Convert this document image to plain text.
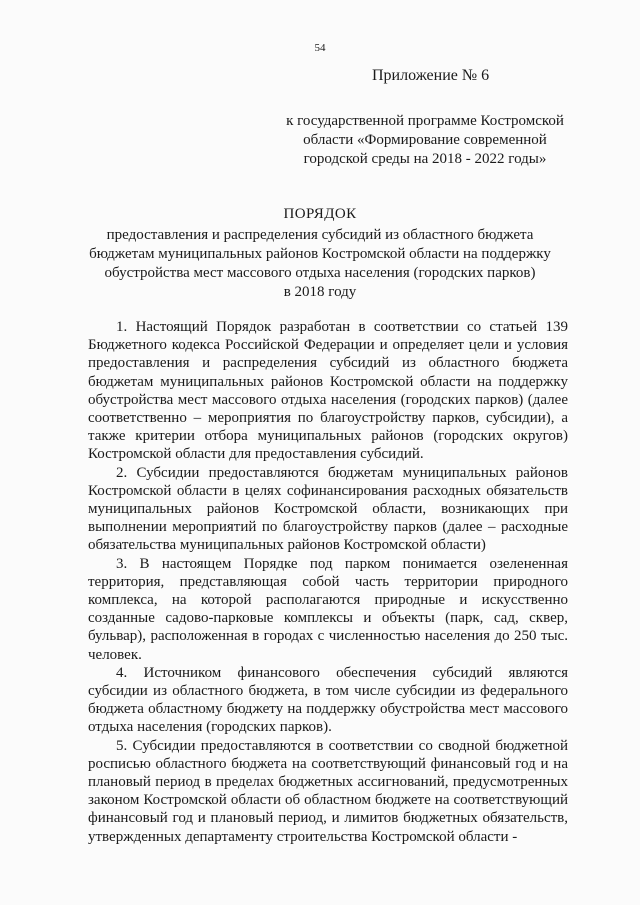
54
Приложение № 6
к государственной программе Костромской
области «Формирование современной
городской среды на 2018 - 2022 годы»
ПОРЯДОК
предоставления и распределения субсидий из областного бюджета
бюджетам муниципальных районов Костромской области на поддержку
обустройства мест массового отдыха населения (городских парков)
в 2018 году

1. Настоящий Порядок разработан в соответствии со статьей 139 Бюджетного кодекса Российской Федерации и определяет цели и условия предоставления и распределения субсидий из областного бюджета бюджетам муниципальных районов Костромской области на поддержку обустройства мест массового отдыха населения (городских парков) (далее соответственно – мероприятия по благоустройству парков, субсидии), а также критерии отбора муниципальных районов (городских округов) Костромской области для предоставления субсидий.

2. Субсидии предоставляются бюджетам муниципальных районов Костромской области в целях софинансирования расходных обязательств муниципальных районов Костромской области, возникающих при выполнении мероприятий по благоустройству парков (далее – расходные обязательства муниципальных районов Костромской области)

3. В настоящем Порядке под парком понимается озелененная территория, представляющая собой часть территории природного комплекса, на которой располагаются природные и искусственно созданные садово-парковые комплексы и объекты (парк, сад, сквер, бульвар), расположенная в городах с численностью населения до 250 тыс. человек.

4. Источником финансового обеспечения субсидий являются субсидии из областного бюджета, в том числе субсидии из федерального бюджета областному бюджету на поддержку обустройства мест массового отдыха населения (городских парков).

5. Субсидии предоставляются в соответствии со сводной бюджетной росписью областного бюджета на соответствующий финансовый год и на плановый период в пределах бюджетных ассигнований, предусмотренных законом Костромской области об областном бюджете на соответствующий финансовый год и плановый период, и лимитов бюджетных обязательств, утвержденных департаменту строительства Костромской области -
